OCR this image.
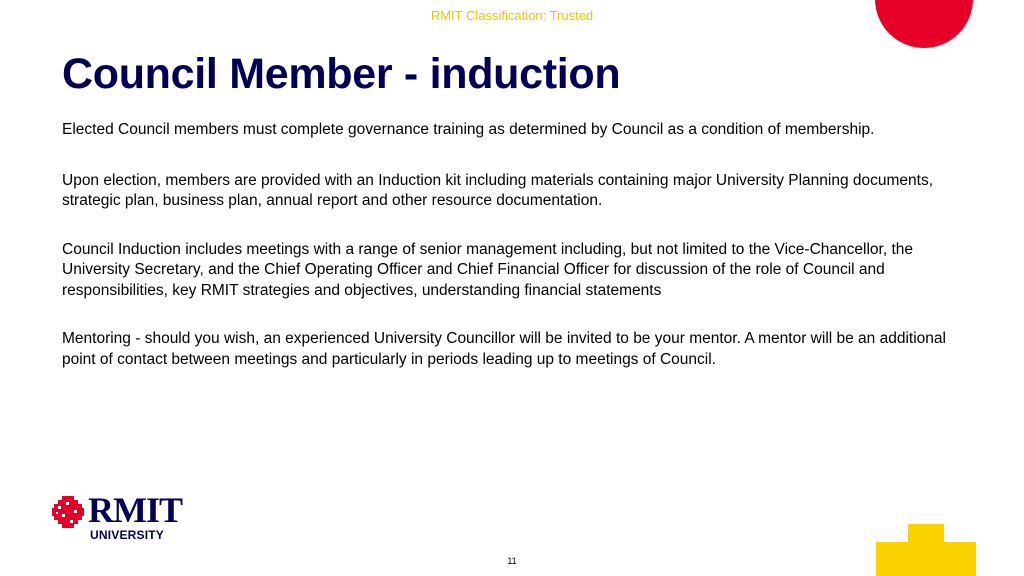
RMIT Classification: Trusted
Council Member - induction

Elected Council members must complete governance training as determined by Council as a condition of membership.

Upon election, members are provided with an Induction kit including materials containing major University Planning documents, strategic plan, business plan, annual report and other resource documentation.

Council Induction includes meetings with a range of senior management including, but not limited to the Vice-Chancellor, the University Secretary, and the Chief Operating Officer and Chief Financial Officer for discussion of the role of Council and responsibilities, key RMIT strategies and objectives, understanding financial statements

Mentoring - should you wish, an experienced University Councillor will be invited to be your mentor. A mentor will be an additional point of contact between meetings and particularly in periods leading up to meetings of Council.

RMIT
UNIVERSITY
11
